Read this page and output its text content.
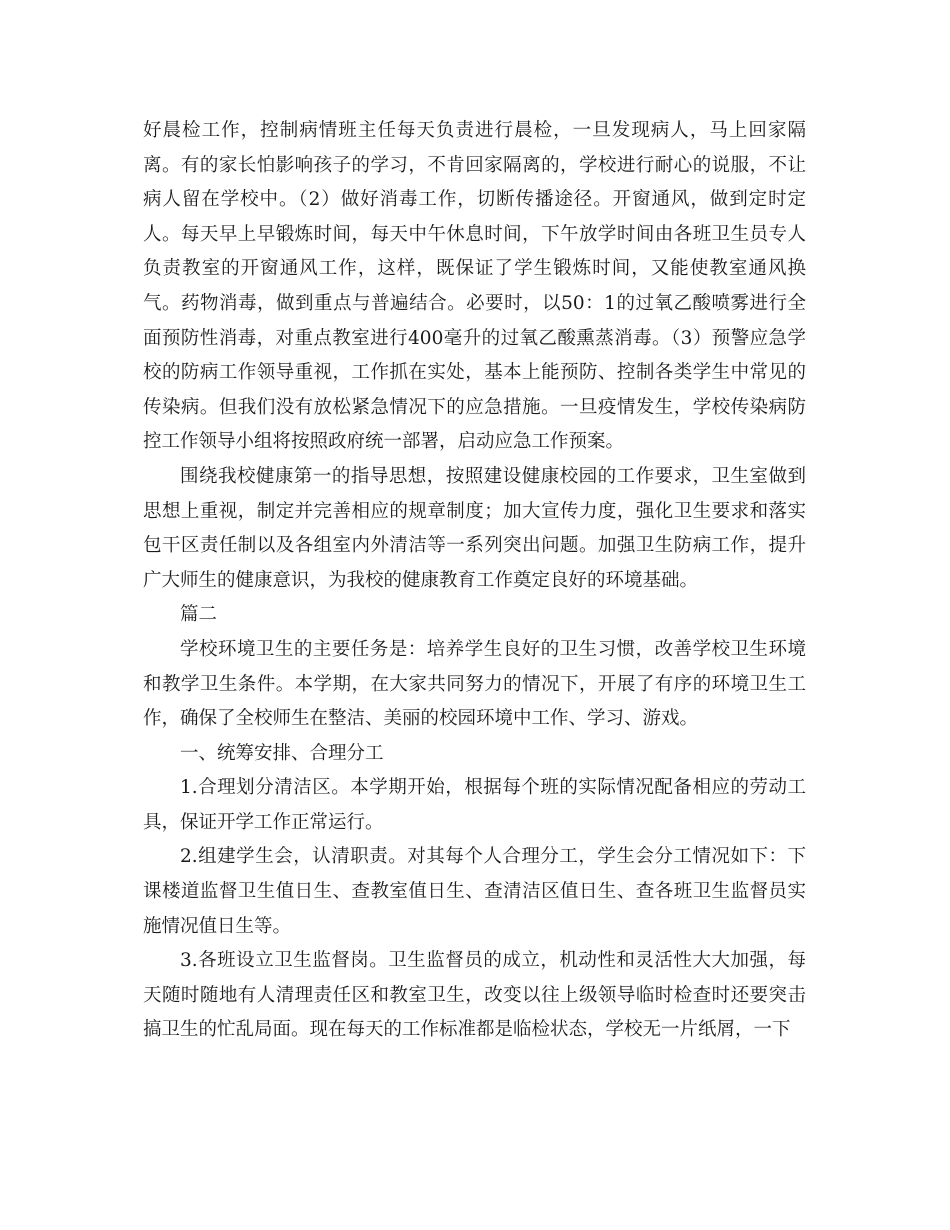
好晨检工作，控制病情班主任每天负责进行晨检，一旦发现病人，马上回家隔离。有的家长怕影响孩子的学习，不肯回家隔离的，学校进行耐心的说服，不让病人留在学校中。（2）做好消毒工作，切断传播途径。开窗通风，做到定时定人。每天早上早锻炼时间，每天中午休息时间，下午放学时间由各班卫生员专人负责教室的开窗通风工作，这样，既保证了学生锻炼时间，又能使教室通风换气。药物消毒，做到重点与普遍结合。必要时，以50：1的过氧乙酸喷雾进行全面预防性消毒，对重点教室进行400毫升的过氧乙酸熏蒸消毒。（3）预警应急学校的防病工作领导重视，工作抓在实处，基本上能预防、控制各类学生中常见的传染病。但我们没有放松紧急情况下的应急措施。一旦疫情发生，学校传染病防控工作领导小组将按照政府统一部署，启动应急工作预案。

围绕我校健康第一的指导思想，按照建设健康校园的工作要求，卫生室做到思想上重视，制定并完善相应的规章制度；加大宣传力度，强化卫生要求和落实包干区责任制以及各组室内外清洁等一系列突出问题。加强卫生防病工作，提升广大师生的健康意识，为我校的健康教育工作奠定良好的环境基础。

篇二

学校环境卫生的主要任务是：培养学生良好的卫生习惯，改善学校卫生环境和教学卫生条件。本学期，在大家共同努力的情况下，开展了有序的环境卫生工作，确保了全校师生在整洁、美丽的校园环境中工作、学习、游戏。

一、统筹安排、合理分工

1.合理划分清洁区。本学期开始，根据每个班的实际情况配备相应的劳动工具，保证开学工作正常运行。

2.组建学生会，认清职责。对其每个人合理分工，学生会分工情况如下：下课楼道监督卫生值日生、查教室值日生、查清洁区值日生、查各班卫生监督员实施情况值日生等。

3.各班设立卫生监督岗。卫生监督员的成立，机动性和灵活性大大加强，每天随时随地有人清理责任区和教室卫生，改变以往上级领导临时检查时还要突击搞卫生的忙乱局面。现在每天的工作标准都是临检状态，学校无一片纸屑，一下
